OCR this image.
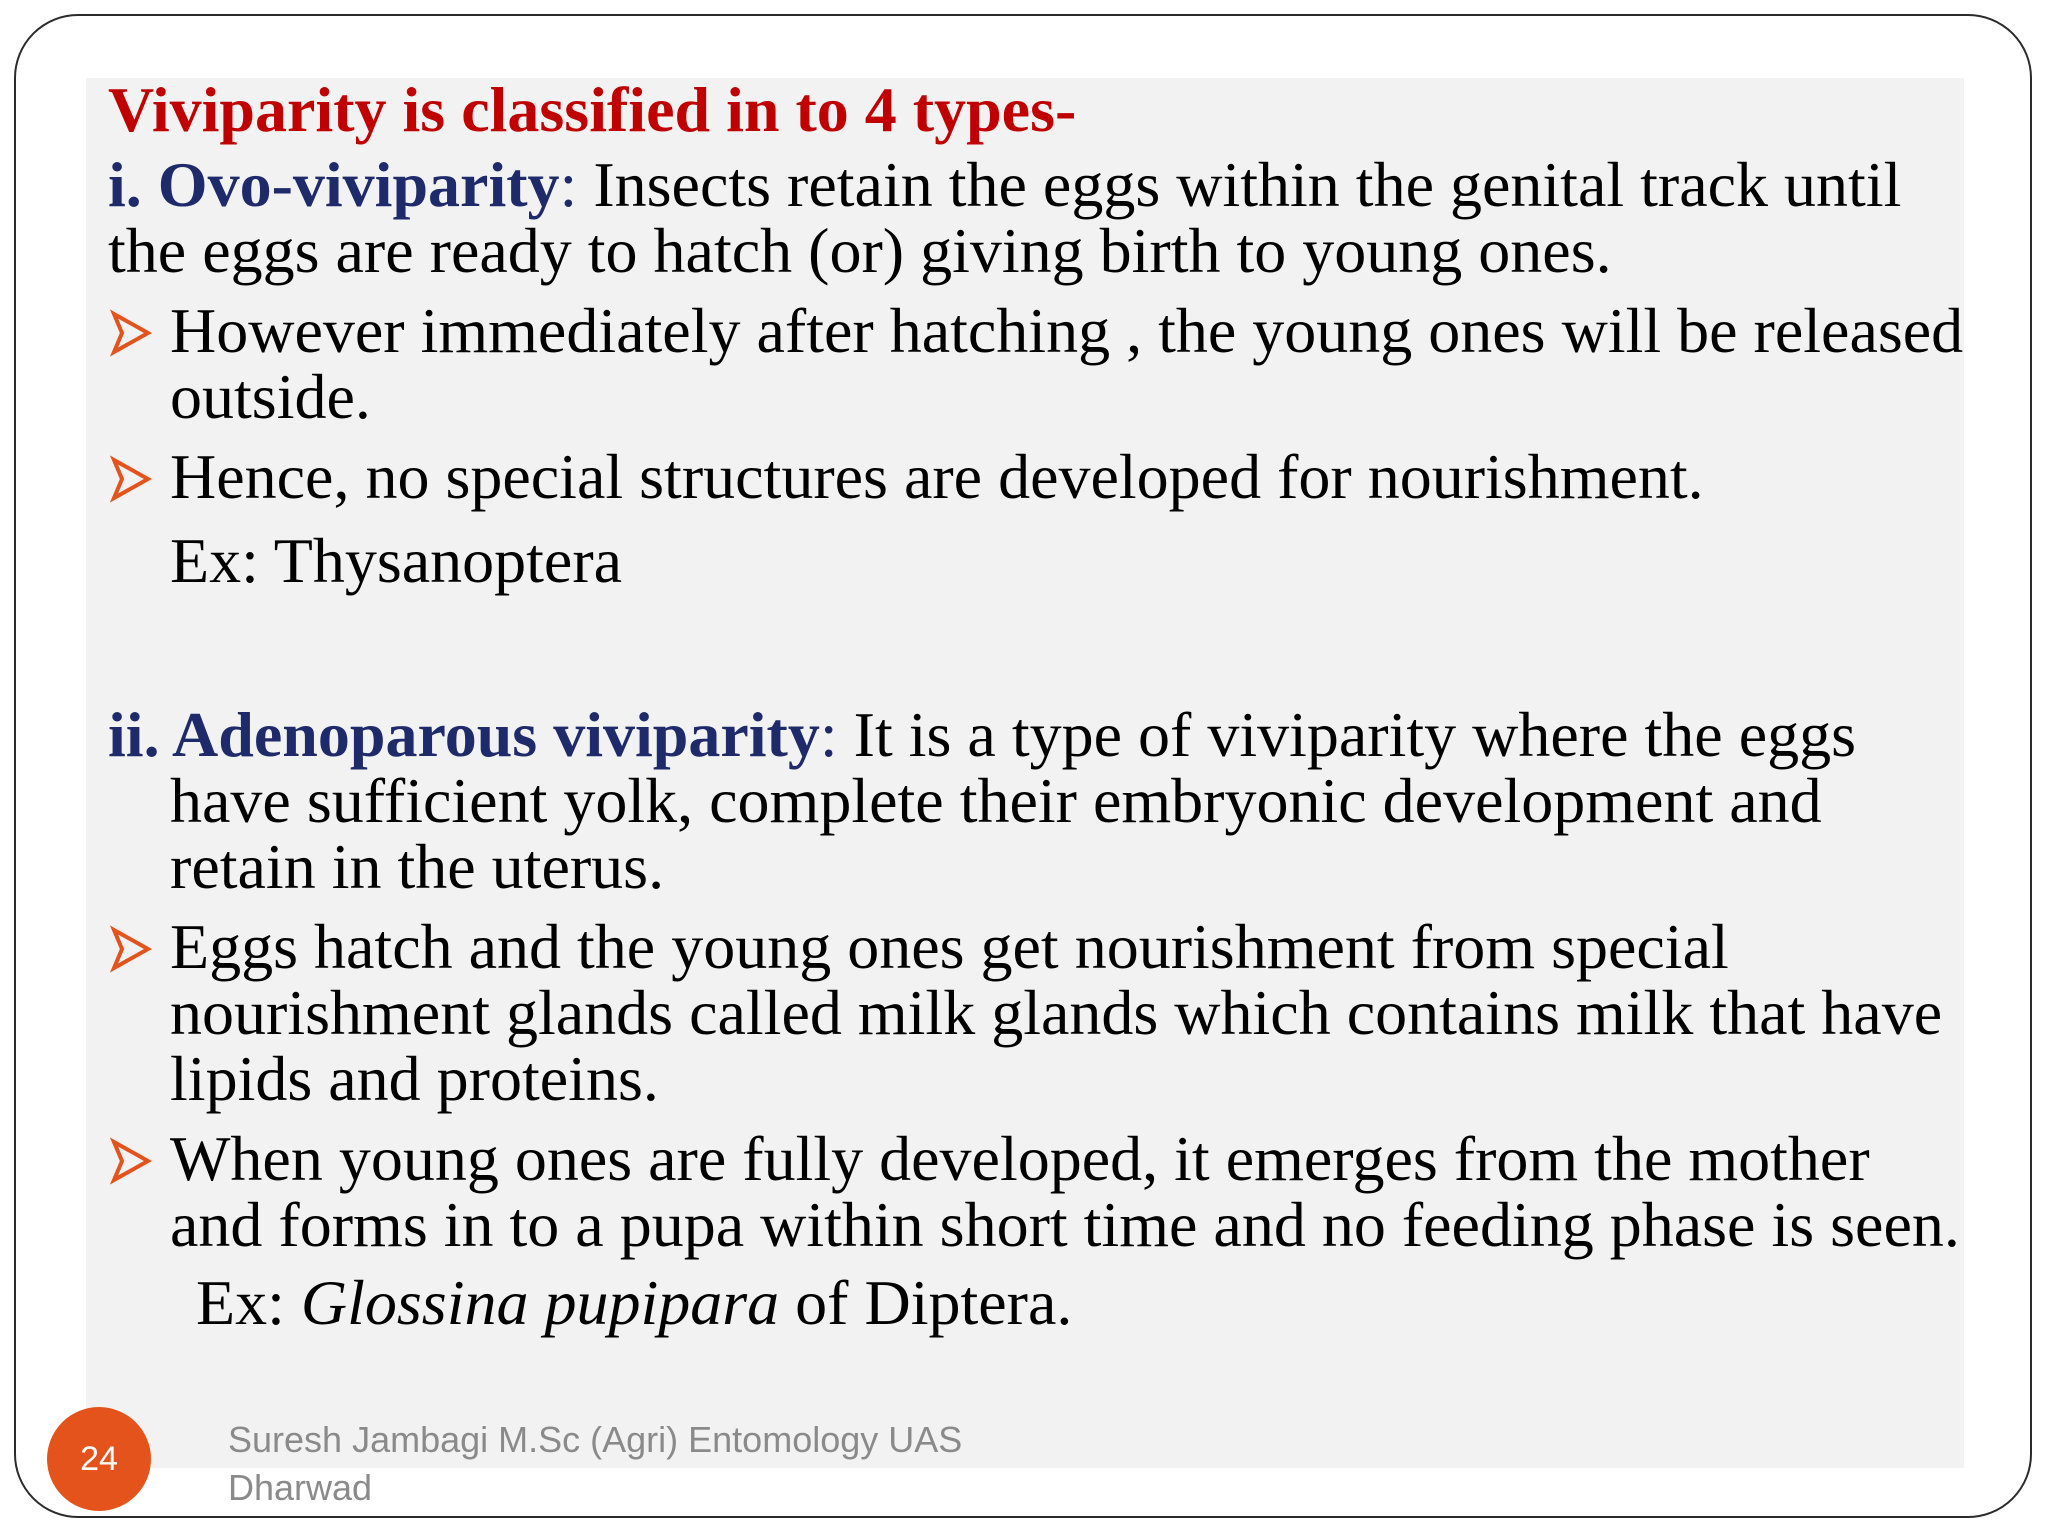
Viviparity is classified in to 4 types-

i. Ovo-viviparity: Insects retain the eggs within the genital track until the eggs are ready to hatch (or) giving birth to young ones.

However immediately after hatching , the young ones will be released outside.
Hence, no special structures are developed for nourishment.

Ex: Thysanoptera

ii. Adenoparous viviparity: It is a type of viviparity where the eggs have sufficient yolk, complete their embryonic development and retain in the uterus.

Eggs hatch and the young ones get nourishment from special nourishment glands called milk glands which contains milk that have lipids and proteins.
When young ones are fully developed, it emerges from the mother and forms in to a pupa within short time and no feeding phase is seen.

Ex: Glossina pupipara of Diptera.

24	Suresh Jambagi M.Sc (Agri) Entomology UAS
Dharwad
